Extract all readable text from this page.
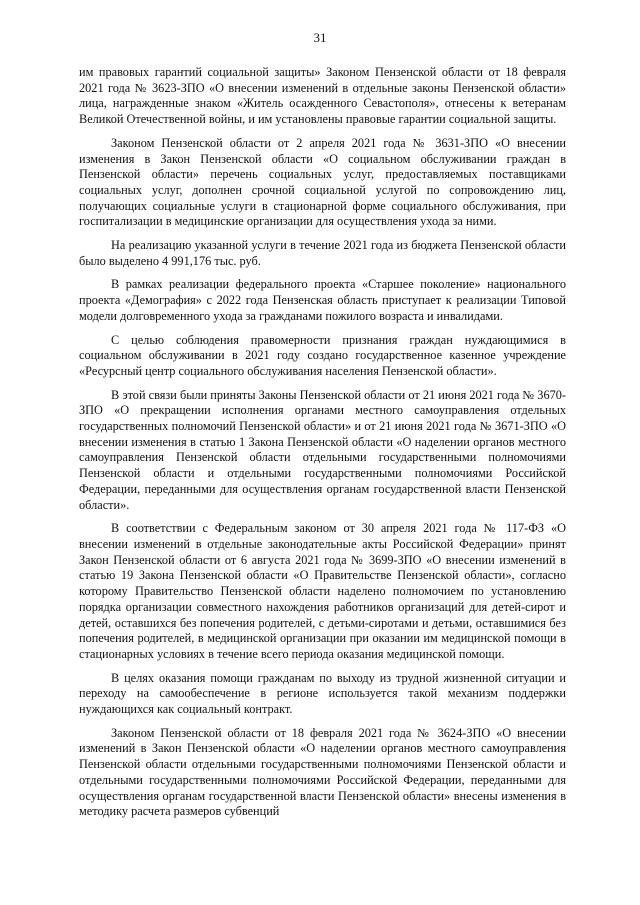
31

им правовых гарантий социальной защиты» Законом Пензенской области от 18 февраля 2021 года № 3623-ЗПО «О внесении изменений в отдельные законы Пензенской области» лица, награжденные знаком «Житель осажденного Севастополя», отнесены к ветеранам Великой Отечественной войны, и им установлены правовые гарантии социальной защиты.

Законом Пензенской области от 2 апреля 2021 года № 3631-ЗПО «О внесении изменения в Закон Пензенской области «О социальном обслуживании граждан в Пензенской области» перечень социальных услуг, предоставляемых поставщиками социальных услуг, дополнен срочной социальной услугой по сопровождению лиц, получающих социальные услуги в стационарной форме социального обслуживания, при госпитализации в медицинские организации для осуществления ухода за ними.

На реализацию указанной услуги в течение 2021 года из бюджета Пензенской области было выделено 4 991,176 тыс. руб.

В рамках реализации федерального проекта «Старшее поколение» национального проекта «Демография» с 2022 года Пензенская область приступает к реализации Типовой модели долговременного ухода за гражданами пожилого возраста и инвалидами.

С целью соблюдения правомерности признания граждан нуждающимися в социальном обслуживании в 2021 году создано государственное казенное учреждение «Ресурсный центр социального обслуживания населения Пензенской области».

В этой связи были приняты Законы Пензенской области от 21 июня 2021 года № 3670-ЗПО «О прекращении исполнения органами местного самоуправления отдельных государственных полномочий Пензенской области» и от 21 июня 2021 года № 3671-ЗПО «О внесении изменения в статью 1 Закона Пензенской области «О наделении органов местного самоуправления Пензенской области отдельными государственными полномочиями Пензенской области и отдельными государственными полномочиями Российской Федерации, переданными для осуществления органам государственной власти Пензенской области».

В соответствии с Федеральным законом от 30 апреля 2021 года № 117-ФЗ «О внесении изменений в отдельные законодательные акты Российской Федерации» принят Закон Пензенской области от 6 августа 2021 года № 3699-ЗПО «О внесении изменений в статью 19 Закона Пензенской области «О Правительстве Пензенской области», согласно которому Правительство Пензенской области наделено полномочием по установлению порядка организации совместного нахождения работников организаций для детей-сирот и детей, оставшихся без попечения родителей, с детьми-сиротами и детьми, оставшимися без попечения родителей, в медицинской организации при оказании им медицинской помощи в стационарных условиях в течение всего периода оказания медицинской помощи.

В целях оказания помощи гражданам по выходу из трудной жизненной ситуации и переходу на самообеспечение в регионе используется такой механизм поддержки нуждающихся как социальный контракт.

Законом Пензенской области от 18 февраля 2021 года № 3624-ЗПО «О внесении изменений в Закон Пензенской области «О наделении органов местного самоуправления Пензенской области отдельными государственными полномочиями Пензенской области и отдельными государственными полномочиями Российской Федерации, переданными для осуществления органам государственной власти Пензенской области» внесены изменения в методику расчета размеров субвенций
